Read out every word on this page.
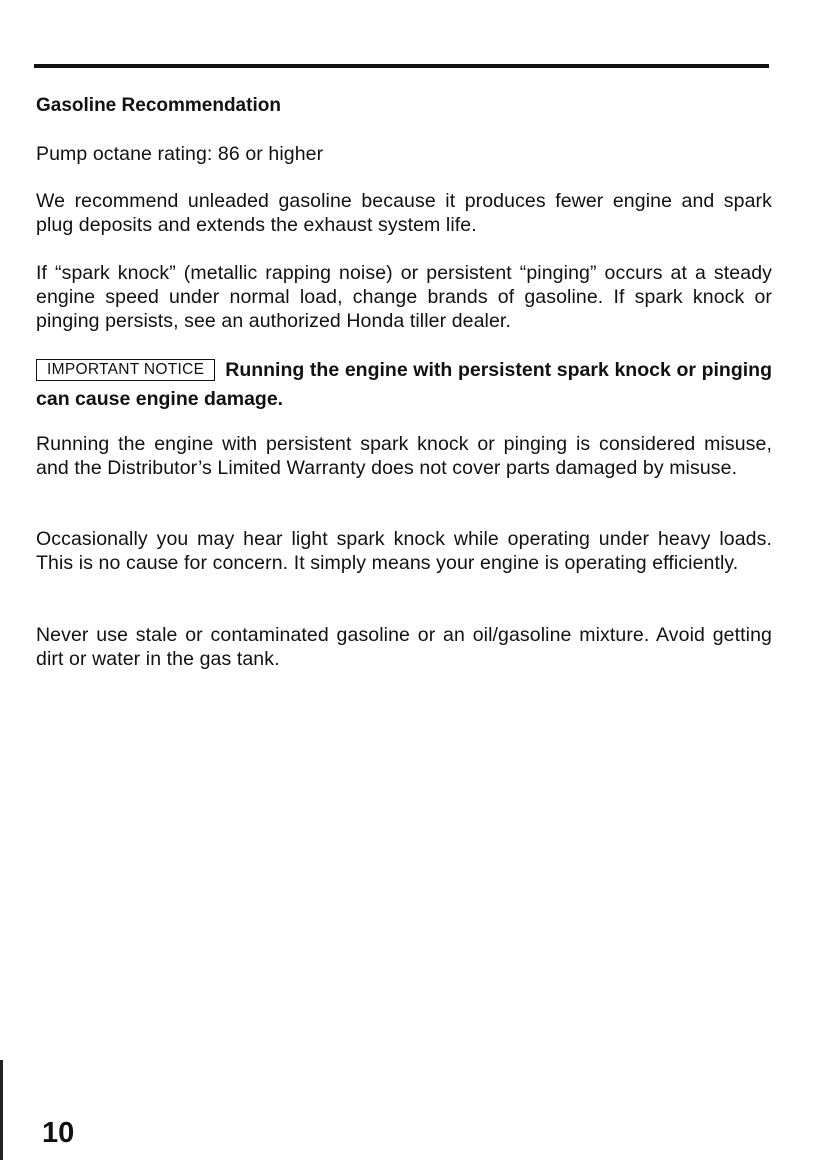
Gasoline Recommendation

Pump octane rating: 86 or higher

We recommend unleaded gasoline because it produces fewer engine and spark plug deposits and extends the exhaust system life.

If “spark knock” (metallic rapping noise) or persistent “pinging” occurs at a steady engine speed under normal load, change brands of gasoline. If spark knock or pinging persists, see an authorized Honda tiller dealer.

IMPORTANT NOTICE Running the engine with persistent spark knock or pinging can cause engine damage.

Running the engine with persistent spark knock or pinging is considered misuse, and the Distributor’s Limited Warranty does not cover parts damaged by misuse.

Occasionally you may hear light spark knock while operating under heavy loads. This is no cause for concern. It simply means your engine is operating efficiently.

Never use stale or contaminated gasoline or an oil/gasoline mixture. Avoid getting dirt or water in the gas tank.

10
